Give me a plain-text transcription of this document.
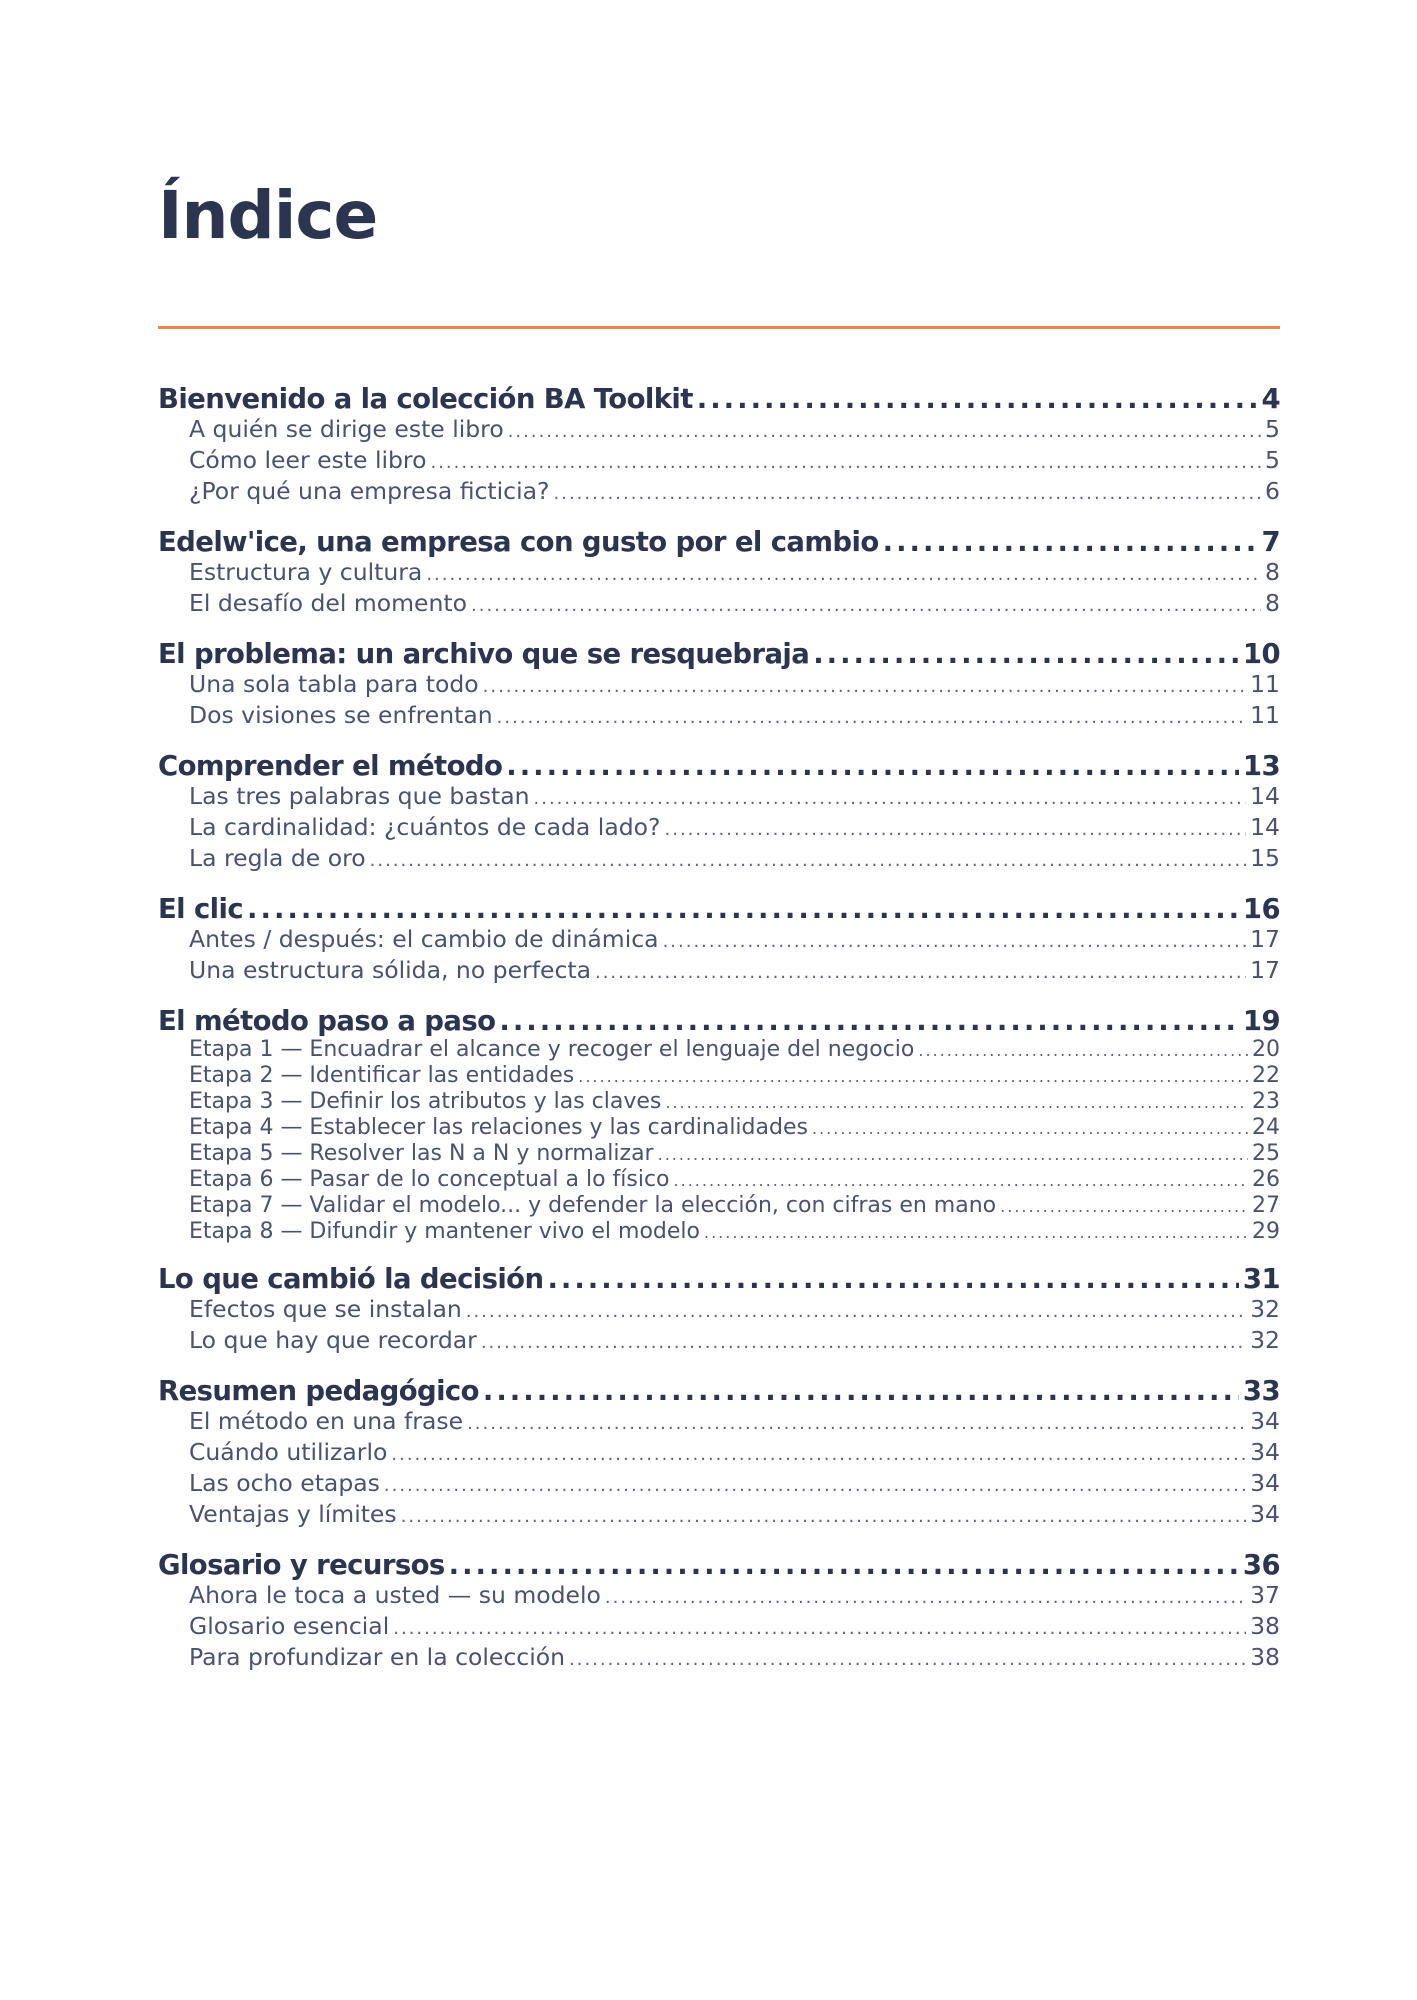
Índice
Bienvenido a la colección BA Toolkit .....	4
A quién se dirige este libro .....	5
Cómo leer este libro .....	5
¿Por qué una empresa ficticia? .....	6
Edelw'ice, una empresa con gusto por el cambio .....	7
Estructura y cultura .....	8
El desafío del momento .....	8
El problema: un archivo que se resquebraja .....	10
Una sola tabla para todo .....	11
Dos visiones se enfrentan .....	11
Comprender el método .....	13
Las tres palabras que bastan .....	14
La cardinalidad: ¿cuántos de cada lado? .....	14
La regla de oro .....	15
El clic .....	16
Antes / después: el cambio de dinámica .....	17
Una estructura sólida, no perfecta .....	17
El método paso a paso .....	19
Etapa 1 — Encuadrar el alcance y recoger el lenguaje del negocio .....	20
Etapa 2 — Identificar las entidades .....	22
Etapa 3 — Definir los atributos y las claves .....	23
Etapa 4 — Establecer las relaciones y las cardinalidades .....	24
Etapa 5 — Resolver las N a N y normalizar .....	25
Etapa 6 — Pasar de lo conceptual a lo físico .....	26
Etapa 7 — Validar el modelo... y defender la elección, con cifras en mano .....	27
Etapa 8 — Difundir y mantener vivo el modelo .....	29
Lo que cambió la decisión .....	31
Efectos que se instalan .....	32
Lo que hay que recordar .....	32
Resumen pedagógico .....	33
El método en una frase .....	34
Cuándo utilizarlo .....	34
Las ocho etapas .....	34
Ventajas y límites .....	34
Glosario y recursos .....	36
Ahora le toca a usted — su modelo .....	37
Glosario esencial .....	38
Para profundizar en la colección .....	38
